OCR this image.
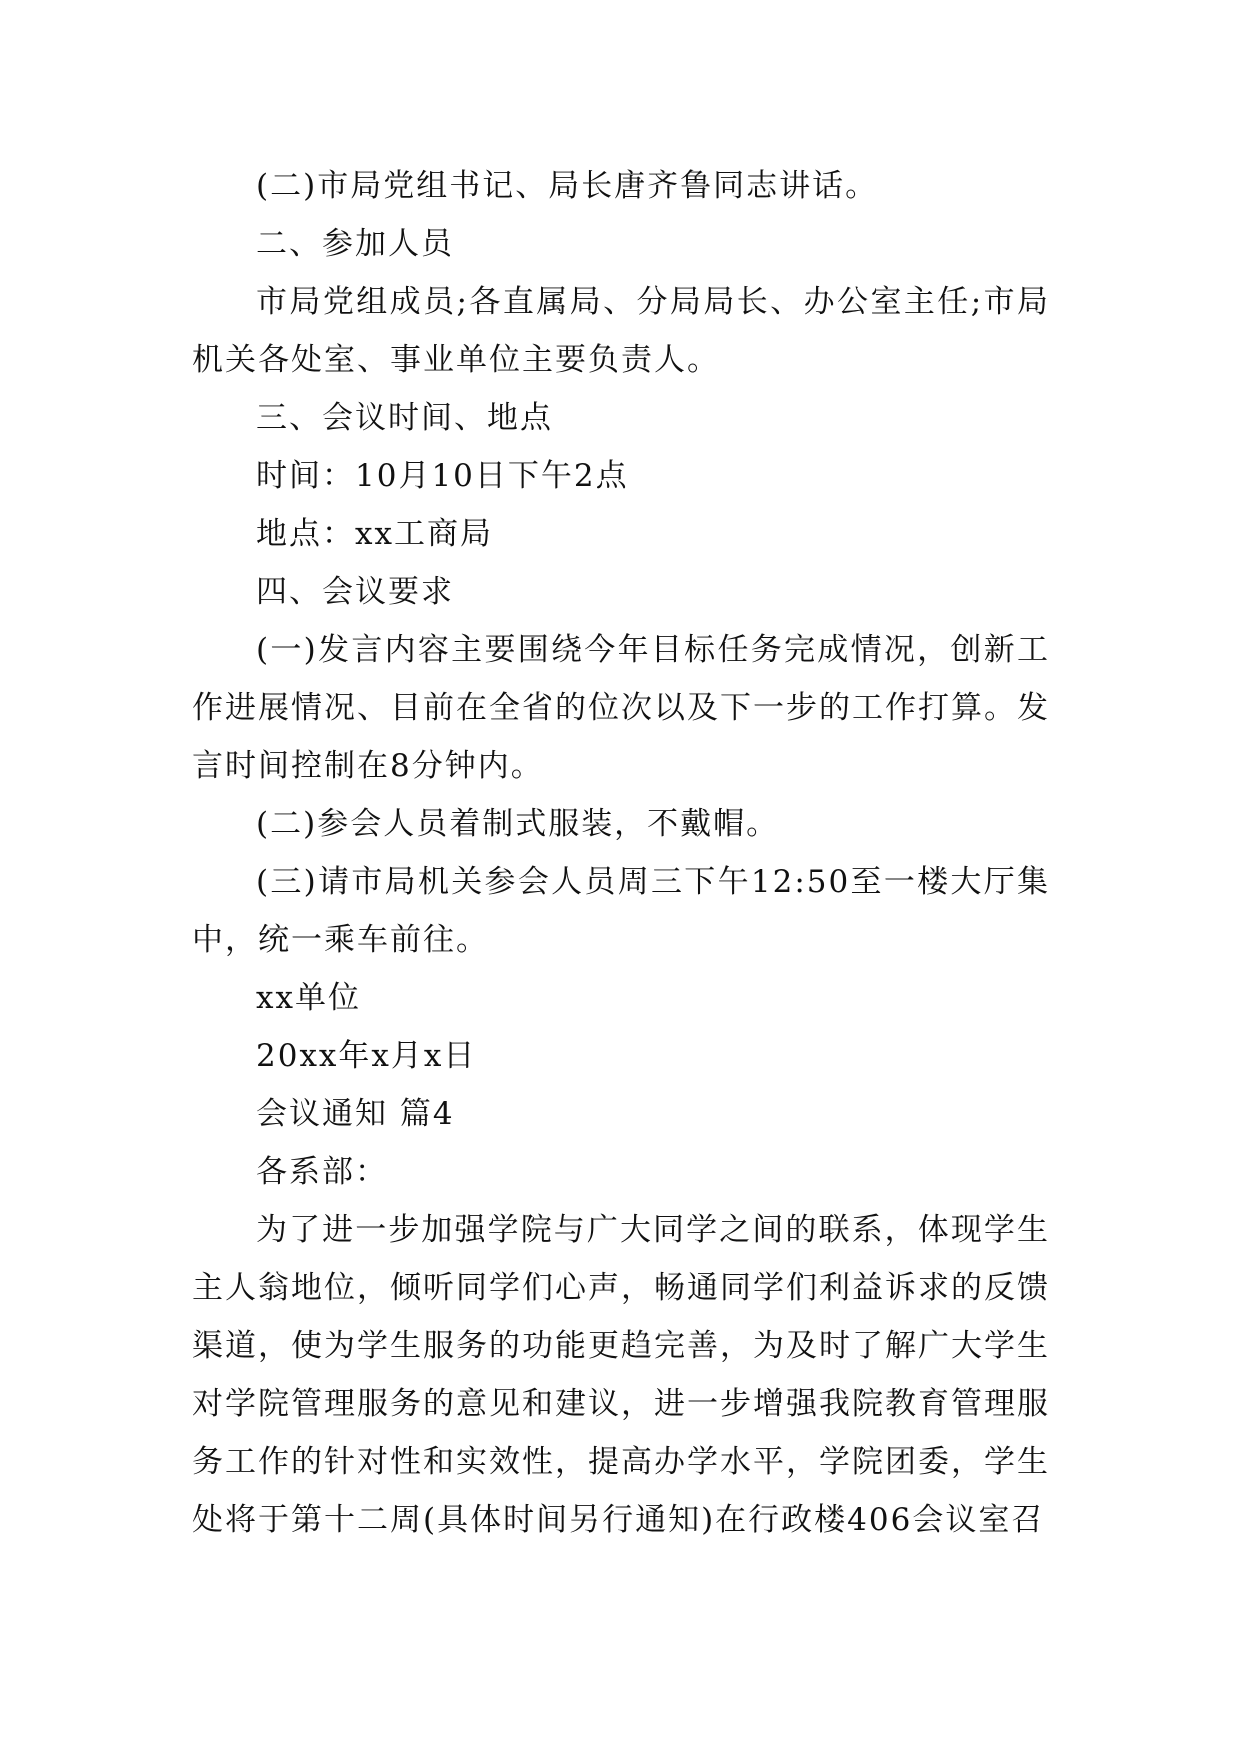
(二)市局党组书记、局长唐齐鲁同志讲话。

二、参加人员

市局党组成员;各直属局、分局局长、办公室主任;市局机关各处室、事业单位主要负责人。

三、会议时间、地点

时间：10月10日下午2点

地点：xx工商局

四、会议要求

(一)发言内容主要围绕今年目标任务完成情况，创新工作进展情况、目前在全省的位次以及下一步的工作打算。发言时间控制在8分钟内。

(二)参会人员着制式服装，不戴帽。

(三)请市局机关参会人员周三下午12:50至一楼大厅集中，统一乘车前往。

xx单位

20xx年x月x日

会议通知 篇4

各系部：

为了进一步加强学院与广大同学之间的联系，体现学生主人翁地位，倾听同学们心声，畅通同学们利益诉求的反馈渠道，使为学生服务的功能更趋完善，为及时了解广大学生对学院管理服务的意见和建议，进一步增强我院教育管理服务工作的针对性和实效性，提高办学水平，学院团委，学生处将于第十二周(具体时间另行通知)在行政楼406会议室召
